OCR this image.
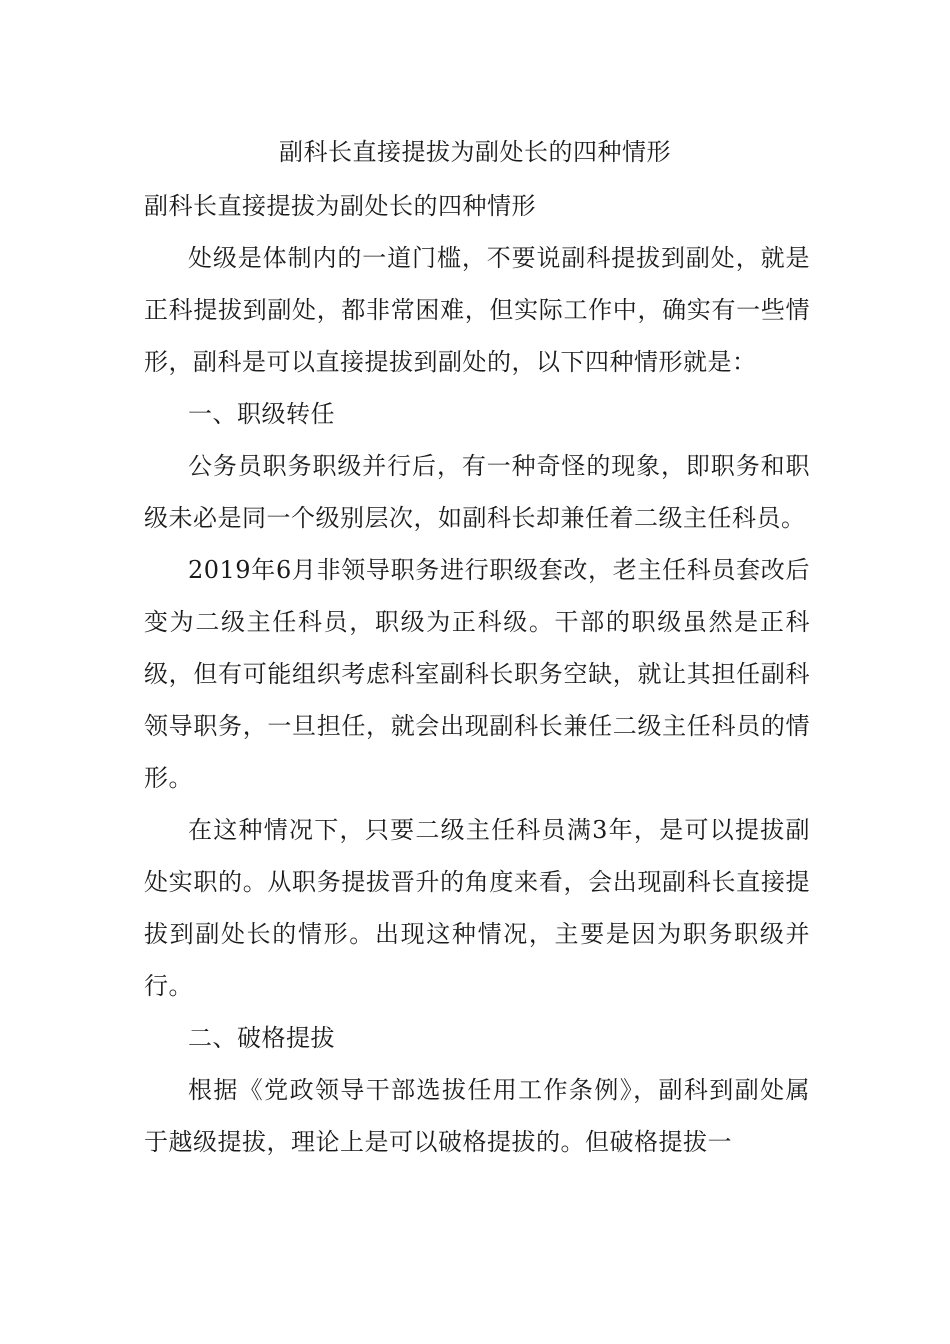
副科长直接提拔为副处长的四种情形

副科长直接提拔为副处长的四种情形

处级是体制内的一道门槛，不要说副科提拔到副处，就是正科提拔到副处，都非常困难，但实际工作中，确实有一些情形，副科是可以直接提拔到副处的，以下四种情形就是：

一、职级转任

公务员职务职级并行后，有一种奇怪的现象，即职务和职级未必是同一个级别层次，如副科长却兼任着二级主任科员。

2019年6月非领导职务进行职级套改，老主任科员套改后变为二级主任科员，职级为正科级。干部的职级虽然是正科级，但有可能组织考虑科室副科长职务空缺，就让其担任副科领导职务，一旦担任，就会出现副科长兼任二级主任科员的情形。

在这种情况下，只要二级主任科员满3年，是可以提拔副处实职的。从职务提拔晋升的角度来看，会出现副科长直接提拔到副处长的情形。出现这种情况，主要是因为职务职级并行。

二、破格提拔

根据《党政领导干部选拔任用工作条例》，副科到副处属于越级提拔，理论上是可以破格提拔的。但破格提拔一
